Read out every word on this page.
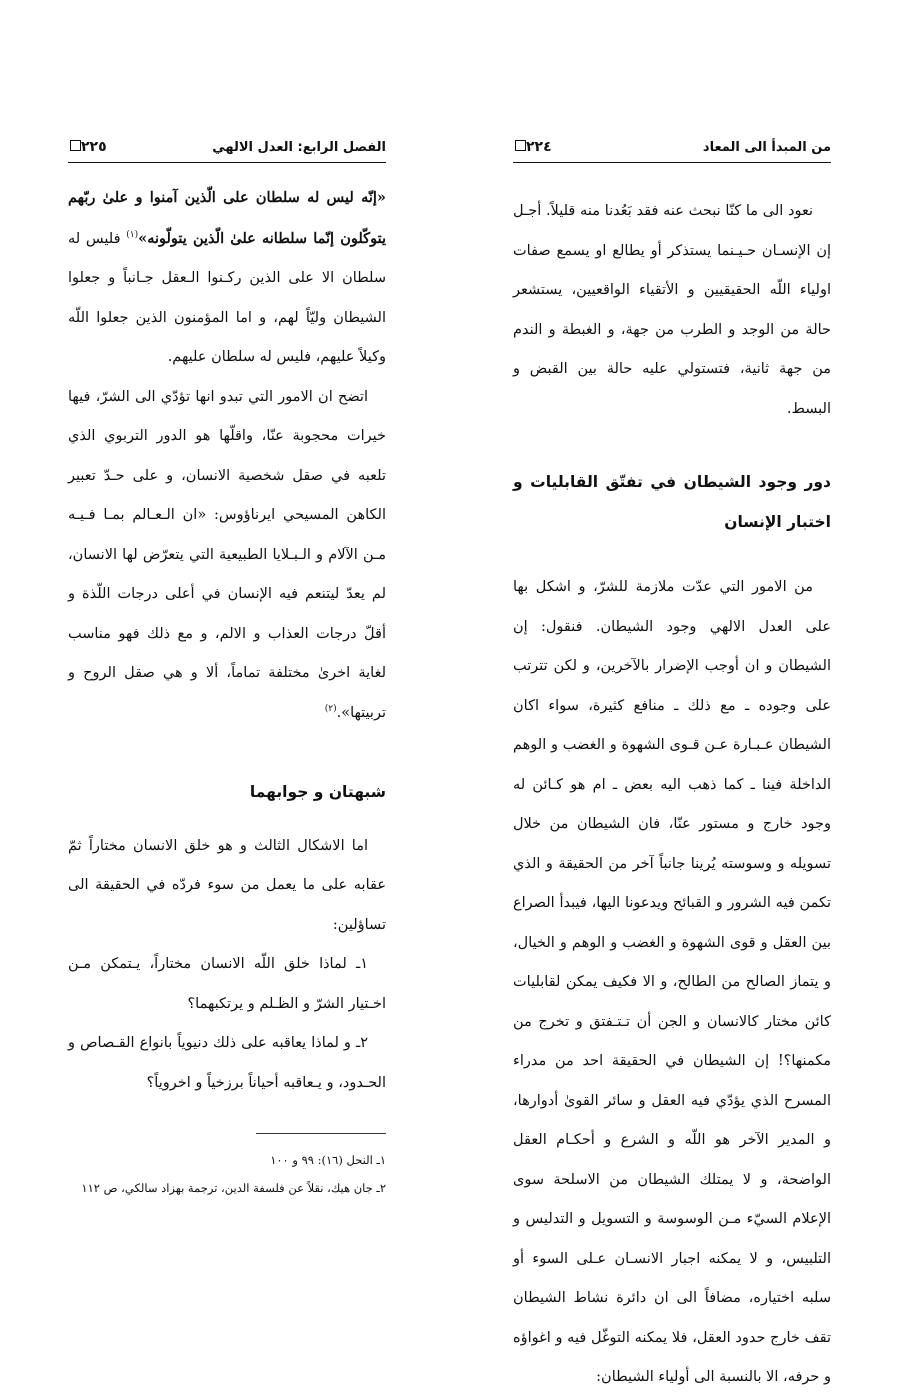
الفصل الرابع: العدل الالهي
٢٢٥

«إنّه ليس له سلطان على الّذين آمنوا و علىٰ ربّهم يتوكّلون إنّما سلطانه علىٰ الّذين يتولّونه»$^{(١)}$ فليس له سلطان الا على الذين ركـنوا الـعقل جـانباً و جعلوا الشيطان وليّاً لهم، و اما المؤمنون الذين جعلوا اللّه وكيلاً عليهم، فليس له سلطان عليهم.

اتضح ان الامور التي تبدو انها تؤدّي الى الشرّ، فيها خيرات محجوبة عنّا، واقلّها هو الدور التربوي الذي تلعبه في صقل شخصية الانسان، و على حـدّ تعبير الكاهن المسيحي ايرناؤوس: «ان الـعـالم بمـا فـيـه مـن الآلام و الـبـلايا الطبيعية التي يتعرّض لها الانسان، لم يعدّ ليتنعم فيه الإنسان في أعلى درجات اللّذة و أقلّ درجات العذاب و الالم، و مع ذلك فهو مناسب لغاية اخرىٰ مختلفة تماماً، ألا و هي صقل الروح و تربيتها».$^{(٢)}$

شبهتان و جوابهما

اما الاشكال الثالث و هو خلق الانسان مختاراً ثمّ عقابه على ما يعمل من سوء فردّه في الحقيقة الى تساؤلين:

١ـ لماذا خلق اللّه الانسان مختاراً، يـتمكن مـن اخـتيار الشرّ و الظـلم و يرتكبهما؟

٢ـ و لماذا يعاقبه على ذلك دنيوياً بانواع القـصاص و الحـدود، و يـعاقبه أحياناً برزخياً و اخروياً؟

١ـ النحل (١٦): ٩٩ و ١٠٠

٢ـ جان هيك، نقلاً عن فلسفة الدين، ترجمة بهزاد سالكي، ص ١١٢

من المبدأ الى المعاد
٢٢٤

نعود الى ما كنّا نبحث عنه فقد بَعُدنا منه قليلاً. أجـل إن الإنسـان حـيـنما يستذكر أو يطالع او يسمع صفات اولياء اللّه الحقيقيين و الأتقياء الواقعيين، يستشعر حالة من الوجد و الطرب من جهة، و الغبطة و الندم من جهة ثانية، فتستولي عليه حالة بين القبض و البسط.

دور وجود الشيطان في تفتّق القابليات و اختبار الإنسان

من الامور التي عدّت ملازمة للشرّ، و اشكل بها على العدل الالهي وجود الشيطان. فنقول: إن الشيطان و ان أوجب الإضرار بالآخرين، و لكن تترتب على وجوده ـ مع ذلك ـ منافع كثيرة، سواء اكان الشيطان عـبـارة عـن قـوى الشهوة و الغضب و الوهم الداخلة فينا ـ كما ذهب اليه بعض ـ ام هو كـائن له وجود خارج و مستور عنّا، فان الشيطان من خلال تسويله و وسوسته يُرينا جانباً آخر من الحقيقة و الذي تكمن فيه الشرور و القبائح ويدعونا اليها، فيبدأ الصراع بين العقل و قوى الشهوة و الغضب و الوهم و الخيال، و يتماز الصالح من الطالح، و الا فكيف يمكن لقابليات كائن مختار كالانسان و الجن أن تـتـفتق و تخرج من مكمنها؟! إن الشيطان في الحقيقة احد من مدراء المسرح الذي يؤدّي فيه العقل و سائر القوىٰ أدوارها، و المدير الآخر هو اللّه و الشرع و أحكـام العقل الواضحة، و لا يمتلك الشيطان من الاسلحة سوى الإعلام السيّء مـن الوسوسة و التسويل و التدليس و التلبيس، و لا يمكنه اجبار الانسـان عـلى السوء أو سلبه اختياره، مضافاً الى ان دائرة نشاط الشيطان تقف خارج حدود العقل، فلا يمكنه التوغّل فيه و اغواؤه و حرفه، الا بالنسبة الى أولياء الشيطان:
